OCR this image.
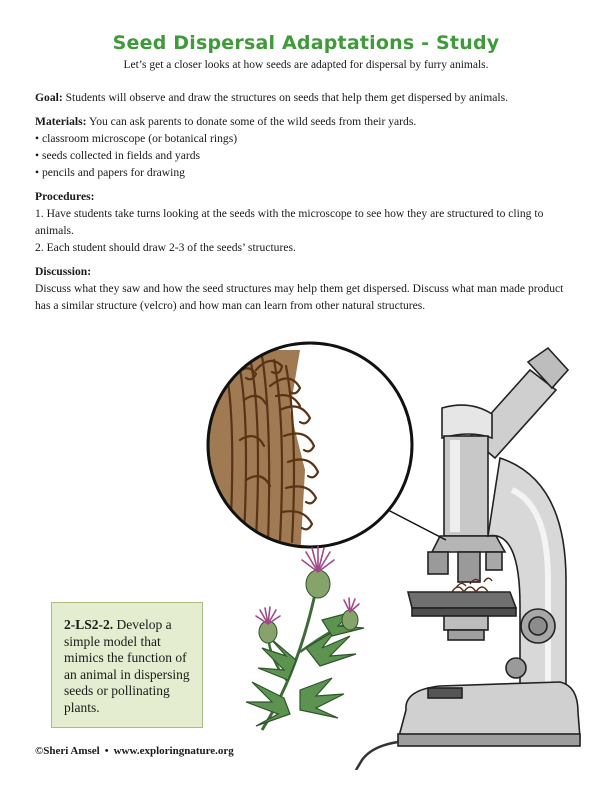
Seed Dispersal Adaptations - Study
Let’s get a closer looks at how seeds are adapted for dispersal by furry animals.

Goal: Students will observe and draw the structures on seeds that help them get dispersed by animals.

Materials: You can ask parents to donate some of the wild seeds from their yards.

• classroom microscope (or botanical rings)
• seeds collected in fields and yards
• pencils and papers for drawing

Procedures:

1. Have students take turns looking at the seeds with the microscope to see how they are structured to cling to animals.

2. Each student should draw 2-3 of the seeds’ structures.

Discussion:

Discuss what they saw and how the seed structures may help them get dispersed. Discuss what man made product has a similar structure (velcro) and how man can learn from other natural structures.

2-LS2-2. Develop a simple model that mimics the function of an animal in dispersing seeds or pollinating plants.
©Sheri Amsel • www.exploringnature.org
